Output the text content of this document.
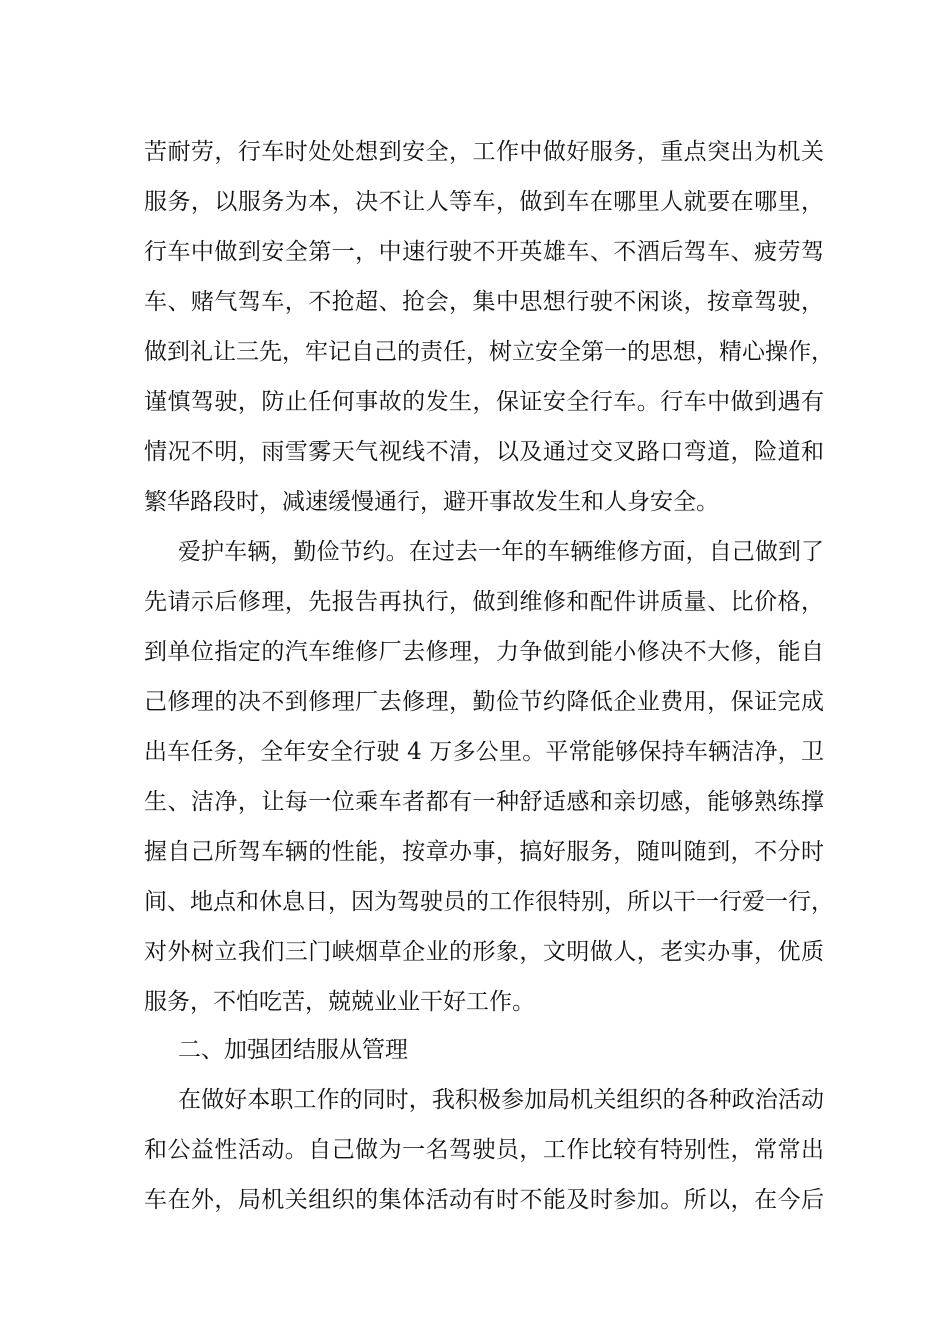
苦耐劳，行车时处处想到安全，工作中做好服务，重点突出为机关
服务，以服务为本，决不让人等车，做到车在哪里人就要在哪里，
行车中做到安全第一，中速行驶不开英雄车、不酒后驾车、疲劳驾
车、赌气驾车，不抢超、抢会，集中思想行驶不闲谈，按章驾驶，
做到礼让三先，牢记自己的责任，树立安全第一的思想，精心操作，
谨慎驾驶，防止任何事故的发生，保证安全行车。行车中做到遇有
情况不明，雨雪雾天气视线不清，以及通过交叉路口弯道，险道和
繁华路段时，减速缓慢通行，避开事故发生和人身安全。
爱护车辆，勤俭节约。在过去一年的车辆维修方面，自己做到了
先请示后修理，先报告再执行，做到维修和配件讲质量、比价格，
到单位指定的汽车维修厂去修理，力争做到能小修决不大修，能自
己修理的决不到修理厂去修理，勤俭节约降低企业费用，保证完成
出车任务，全年安全行驶 4 万多公里。平常能够保持车辆洁净，卫
生、洁净，让每一位乘车者都有一种舒适感和亲切感，能够熟练撑
握自己所驾车辆的性能，按章办事，搞好服务，随叫随到，不分时
间、地点和休息日，因为驾驶员的工作很特别，所以干一行爱一行，
对外树立我们三门峡烟草企业的形象，文明做人，老实办事，优质
服务，不怕吃苦，兢兢业业干好工作。
二、加强团结服从管理
在做好本职工作的同时，我积极参加局机关组织的各种政治活动
和公益性活动。自己做为一名驾驶员，工作比较有特别性，常常出
车在外，局机关组织的集体活动有时不能及时参加。所以，在今后
